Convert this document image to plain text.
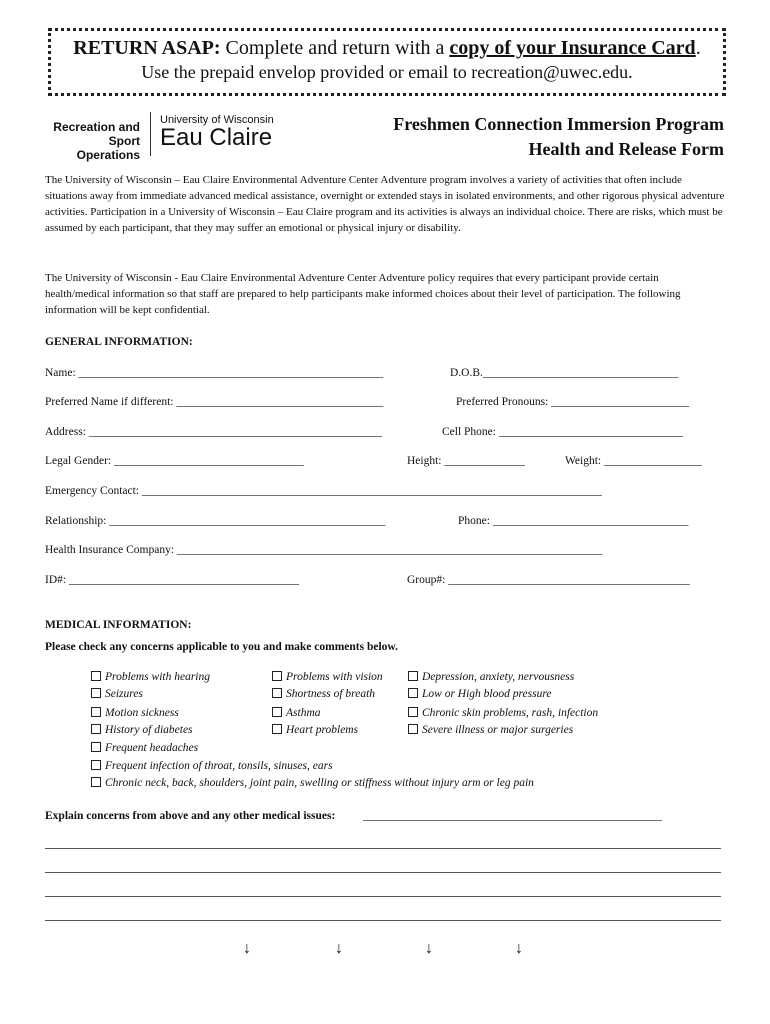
RETURN ASAP: Complete and return with a copy of your Insurance Card.
Use the prepaid envelop provided or email to recreation@uwec.edu.
Recreation and
Sport Operations
University of Wisconsin
Eau Claire	Freshmen Connection Immersion Program
Health and Release Form
The University of Wisconsin – Eau Claire Environmental Adventure Center Adventure program involves a variety of activities that often include situations away from immediate advanced medical assistance, overnight or extended stays in isolated environments, and other rigorous physical adventure activities. Participation in a University of Wisconsin – Eau Claire program and its activities is always an individual choice. There are risks, which must be assumed by each participant, that they may suffer an emotional or physical injury or disability.
The University of Wisconsin - Eau Claire Environmental Adventure Center Adventure policy requires that every participant provide certain health/medical information so that staff are prepared to help participants make informed choices about their level of participation. The following information will be kept confidential.
GENERAL INFORMATION:
Name: _____________________________________________________	D.O.B.__________________________________
Preferred Name if different: ____________________________________	Preferred Pronouns: ________________________
Address: ___________________________________________________	Cell Phone: ________________________________
Legal Gender: _________________________________	Height: ______________	Weight: _________________
Emergency Contact: ________________________________________________________________________________
Relationship: ________________________________________________	Phone: __________________________________
Health Insurance Company: __________________________________________________________________________
ID#: ________________________________________	Group#: __________________________________________
MEDICAL INFORMATION:
Please check any concerns applicable to you and make comments below.
Problems with hearing
Seizures
Motion sickness
History of diabetes
Frequent headaches
Problems with vision
Shortness of breath
Asthma
Heart problems
Depression, anxiety, nervousness
Low or High blood pressure
Chronic skin problems, rash, infection
Severe illness or major surgeries
Frequent infection of throat, tonsils, sinuses, ears
Chronic neck, back, shoulders, joint pain, swelling or stiffness without injury arm or leg pain
Explain concerns from above and any other medical issues: ____________________________________________________
↓	↓	↓	↓
